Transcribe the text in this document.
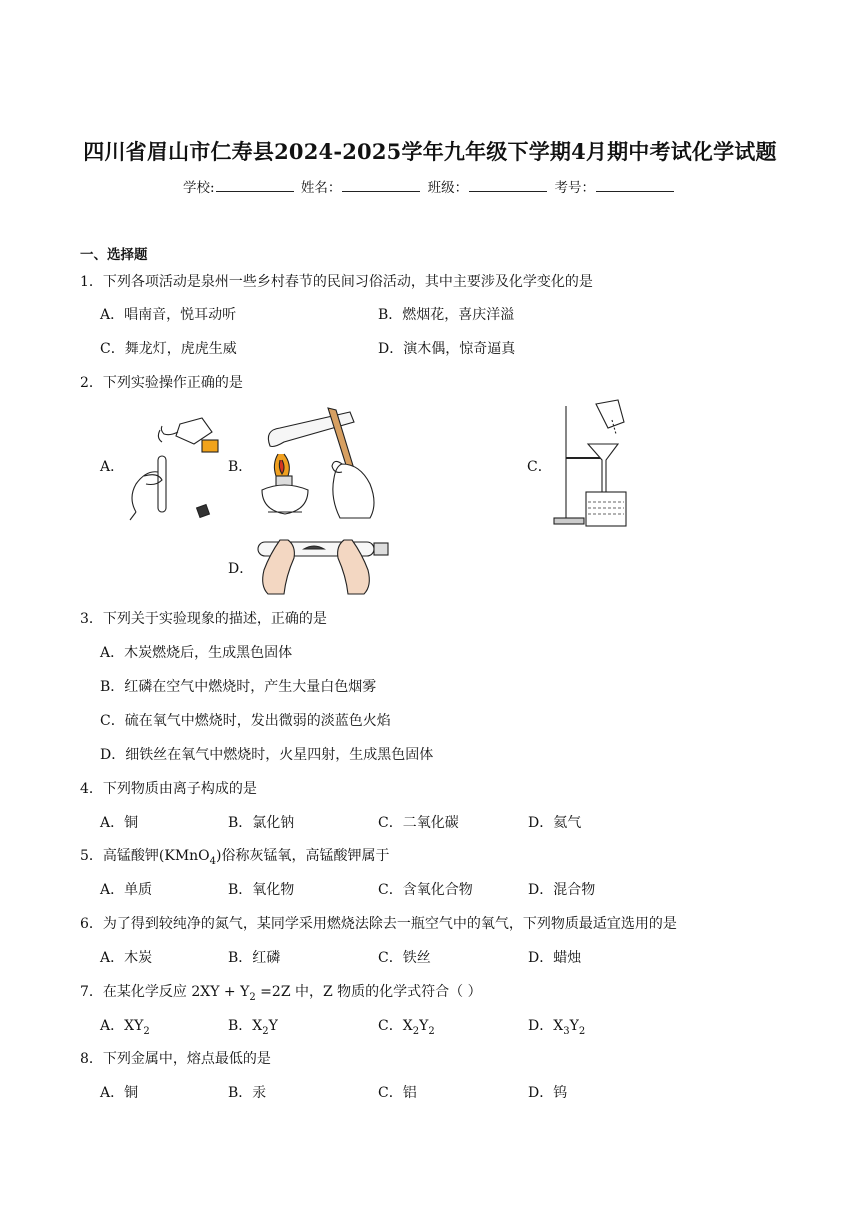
四川省眉山市仁寿县2024-2025学年九年级下学期4月期中考试化学试题
学校:	姓名：	班级：	考号：
一、选择题
1．下列各项活动是泉州一些乡村春节的民间习俗活动，其中主要涉及化学变化的是
A．唱南音，悦耳动听	B．燃烟花，喜庆洋溢
C．舞龙灯，虎虎生威	D．演木偶，惊奇逼真
2．下列实验操作正确的是
A．	B．	C．
D．
3．下列关于实验现象的描述，正确的是
A．木炭燃烧后，生成黑色固体
B．红磷在空气中燃烧时，产生大量白色烟雾
C．硫在氧气中燃烧时，发出微弱的淡蓝色火焰
D．细铁丝在氧气中燃烧时，火星四射，生成黑色固体
4．下列物质由离子构成的是
A．铜	B．氯化钠	C．二氧化碳	D．氦气
5．高锰酸钾(KMnO$_4$)俗称灰锰氧，高锰酸钾属于
A．单质	B．氧化物	C．含氧化合物	D．混合物
6．为了得到较纯净的氮气，某同学采用燃烧法除去一瓶空气中的氧气，下列物质最适宜选用的是
A．木炭	B．红磷	C．铁丝	D．蜡烛
7．在某化学反应 $2XY + Y_2 =2Z$ 中，Z 物质的化学式符合（ ）
A．$XY_2$	B．$X_2Y$	C．$X_2Y_2$	D．$X_3Y_2$
8．下列金属中，熔点最低的是
A．铜	B．汞	C．铝	D．钨
